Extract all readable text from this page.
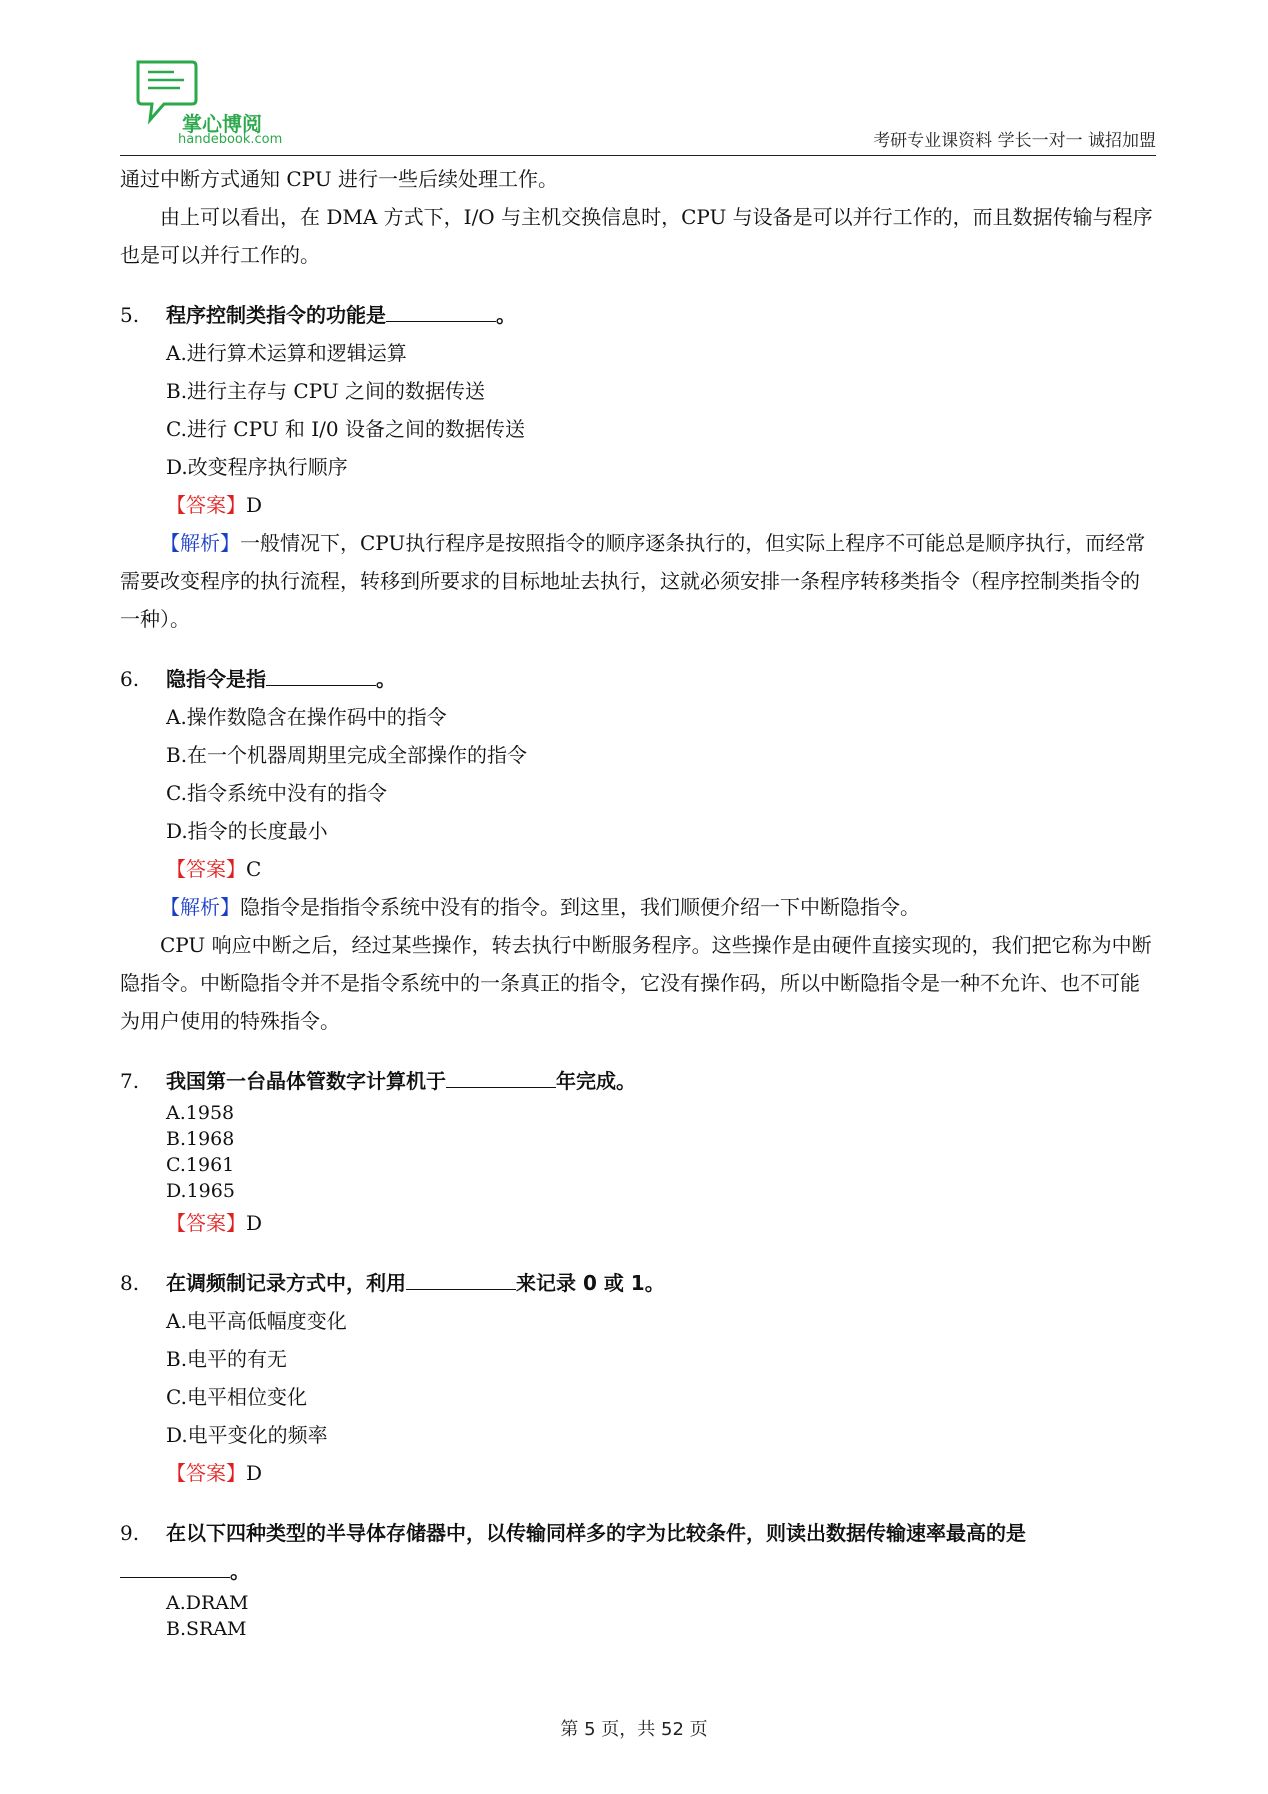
掌心博阅
handebook.com	考研专业课资料 学长一对一 诚招加盟

通过中断方式通知 CPU 进行一些后续处理工作。

由上可以看出，在 DMA 方式下，I/O 与主机交换信息时，CPU 与设备是可以并行工作的，而且数据传输与程序也是可以并行工作的。

5. 程序控制类指令的功能是	。

A.进行算术运算和逻辑运算

B.进行主存与 CPU 之间的数据传送

C.进行 CPU 和 I/0 设备之间的数据传送

D.改变程序执行顺序

【答案】D

【解析】一般情况下，CPU执行程序是按照指令的顺序逐条执行的，但实际上程序不可能总是顺序执行，而经常需要改变程序的执行流程，转移到所要求的目标地址去执行，这就必须安排一条程序转移类指令（程序控制类指令的一种）。

6. 隐指令是指	。

A.操作数隐含在操作码中的指令

B.在一个机器周期里完成全部操作的指令

C.指令系统中没有的指令

D.指令的长度最小

【答案】C

【解析】隐指令是指指令系统中没有的指令。到这里，我们顺便介绍一下中断隐指令。

CPU 响应中断之后，经过某些操作，转去执行中断服务程序。这些操作是由硬件直接实现的，我们把它称为中断隐指令。中断隐指令并不是指令系统中的一条真正的指令，它没有操作码，所以中断隐指令是一种不允许、也不可能为用户使用的特殊指令。

7. 我国第一台晶体管数字计算机于	年完成。

A.1958

B.1968

C.1961

D.1965

【答案】D

8. 在调频制记录方式中，利用	来记录 0 或 1。

A.电平高低幅度变化

B.电平的有无

C.电平相位变化

D.电平变化的频率

【答案】D

9. 在以下四种类型的半导体存储器中，以传输同样多的字为比较条件，则读出数据传输速率最高的是

。

A.DRAM

B.SRAM

第 5 页，共 52 页
